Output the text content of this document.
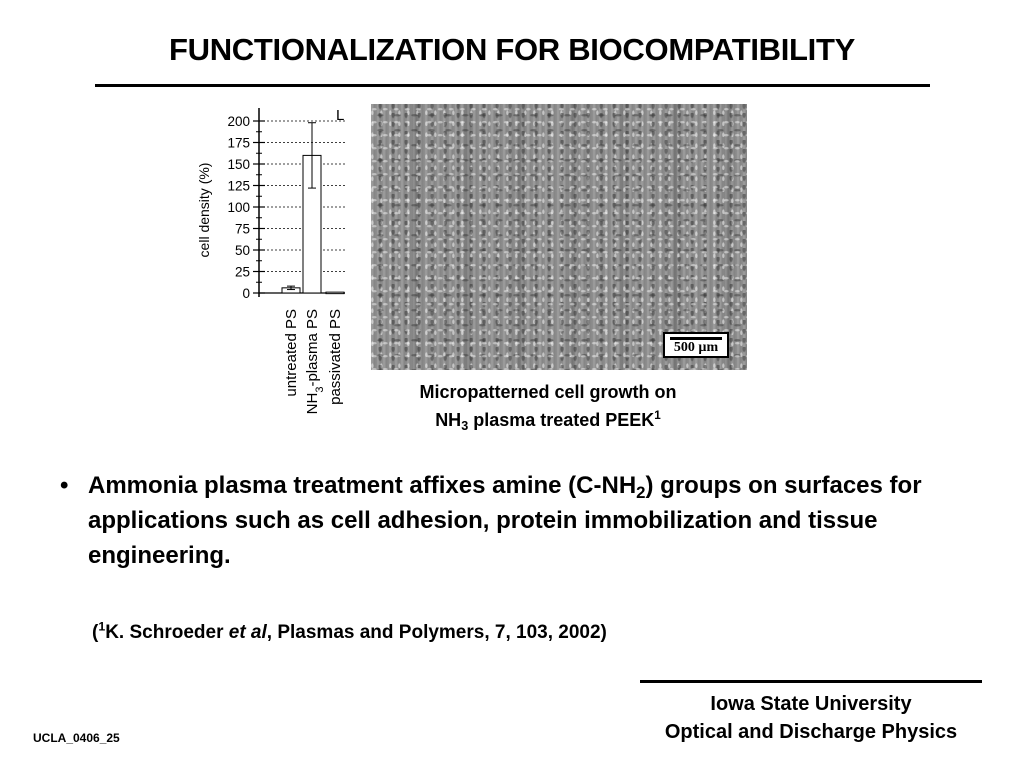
FUNCTIONALIZATION FOR BIOCOMPATIBILITY
0
25
50
75
100
125
150
175
200
untreated PS
$NH_3$-plasma PS passivated PS
cell density (%)
L
500 µm
Micropatterned cell growth on
$NH_3$ plasma treated PEEK$^1$
• Ammonia plasma treatment affixes amine $(C-NH_2)$ groups on surfaces for applications such as cell adhesion, protein immobilization and tissue engineering.
($^1$K. Schroeder et al, Plasmas and Polymers, 7, 103, 2002)
Iowa State University
Optical and Discharge Physics
UCLA_0406_25
